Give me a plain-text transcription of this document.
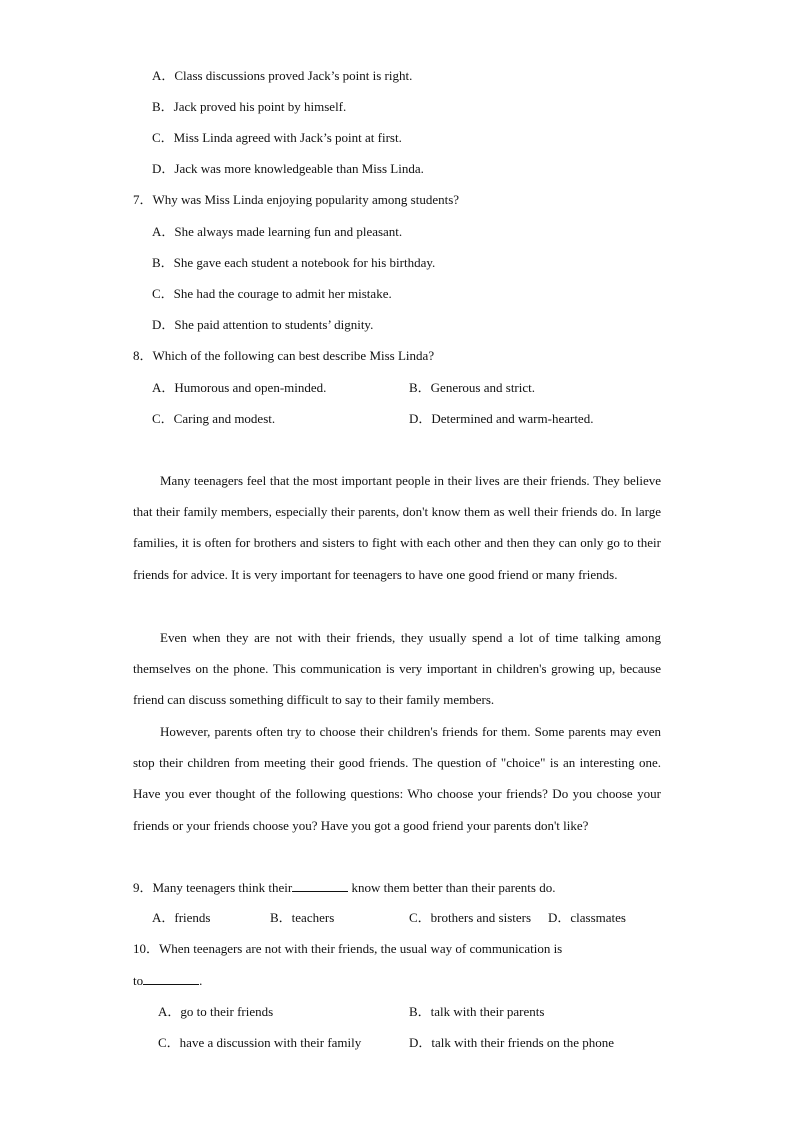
A．Class discussions proved Jack’s point is right.
B．Jack proved his point by himself.
C．Miss Linda agreed with Jack’s point at first.
D．Jack was more knowledgeable than Miss Linda.
7．Why was Miss Linda enjoying popularity among students?
A．She always made learning fun and pleasant.
B．She gave each student a notebook for his birthday.
C．She had the courage to admit her mistake.
D．She paid attention to students’ dignity.
8．Which of the following can best describe Miss Linda?
A．Humorous and open-minded.	B．Generous and strict.
C．Caring and modest.	D．Determined and warm-hearted.

Many teenagers feel that the most important people in their lives are their friends. They believe that their family members, especially their parents, don't know them as well their friends do. In large families, it is often for brothers and sisters to fight with each other and then they can only go to their friends for advice. It is very important for teenagers to have one good friend or many friends.

Even when they are not with their friends, they usually spend a lot of time talking among themselves on the phone. This communication is very important in children's growing up, because friend can discuss something difficult to say to their family members.

However, parents often try to choose their children's friends for them. Some parents may even stop their children from meeting their good friends. The question of "choice" is an interesting one. Have you ever thought of the following questions: Who choose your friends? Do you choose your friends or your friends choose you? Have you got a good friend your parents don't like?

9．Many teenagers think their	know them better than their parents do.
A．friends	B．teachers	C．brothers and sisters D．classmates
10．When teenagers are not with their friends, the usual way of communication is
to	.
A．go to their friends	B．talk with their parents
C．have a discussion with their family	D．talk with their friends on the phone
